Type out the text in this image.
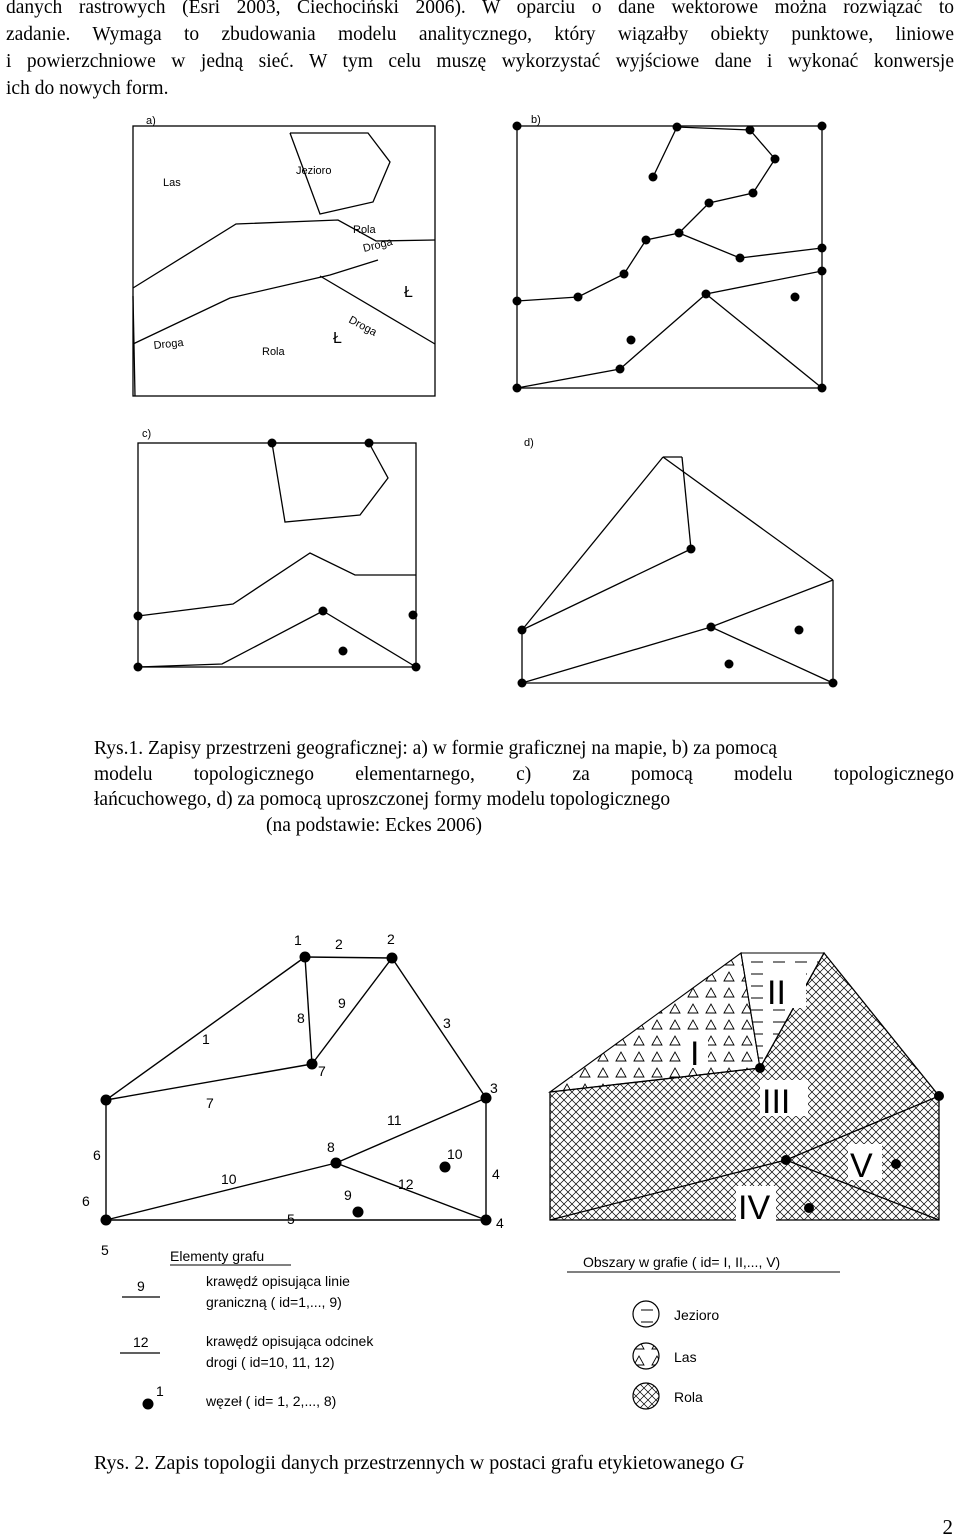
danych rastrowych (Esri 2003, Ciechociński 2006). W oparciu o dane wektorowe można rozwiązać to
zadanie. Wymaga to zbudowania modelu analitycznego, który wiązałby obiekty punktowe, liniowe
i powierzchniowe w jedną sieć. W tym celu muszę wykorzystać wyjściowe dane i wykonać konwersje
ich do nowych form.
a)	b)
c)
d)
Las
Jezioro
Rola
Rola
Droga
Droga
Droga
Ł
Ł
Rys.1. Zapisy przestrzeni geograficznej: a) w formie graficznej na mapie, b) za pomocą
modelu topologicznego elementarnego, c) za pomocą modelu topologicznego
łańcuchowego, d) za pomocą uproszczonej formy modelu topologicznego
(na podstawie: Eckes 2006)
1	2
3
4
5
6
7
8
1
2
3
4
5
6
7
8
9
10
11
12
9
10
I
II
III
IV
V
Elementy grafu
9	krawędź opisująca linie
graniczną ( id=1,..., 9)
12	krawędź opisująca odcinek
drogi ( id=10, 11, 12)
1
węzeł ( id= 1, 2,..., 8)
Obszary w grafie ( id= I, II,..., V)
Jezioro
Las
Rola
Rys. 2. Zapis topologii danych przestrzennych w postaci grafu etykietowanego G
2
